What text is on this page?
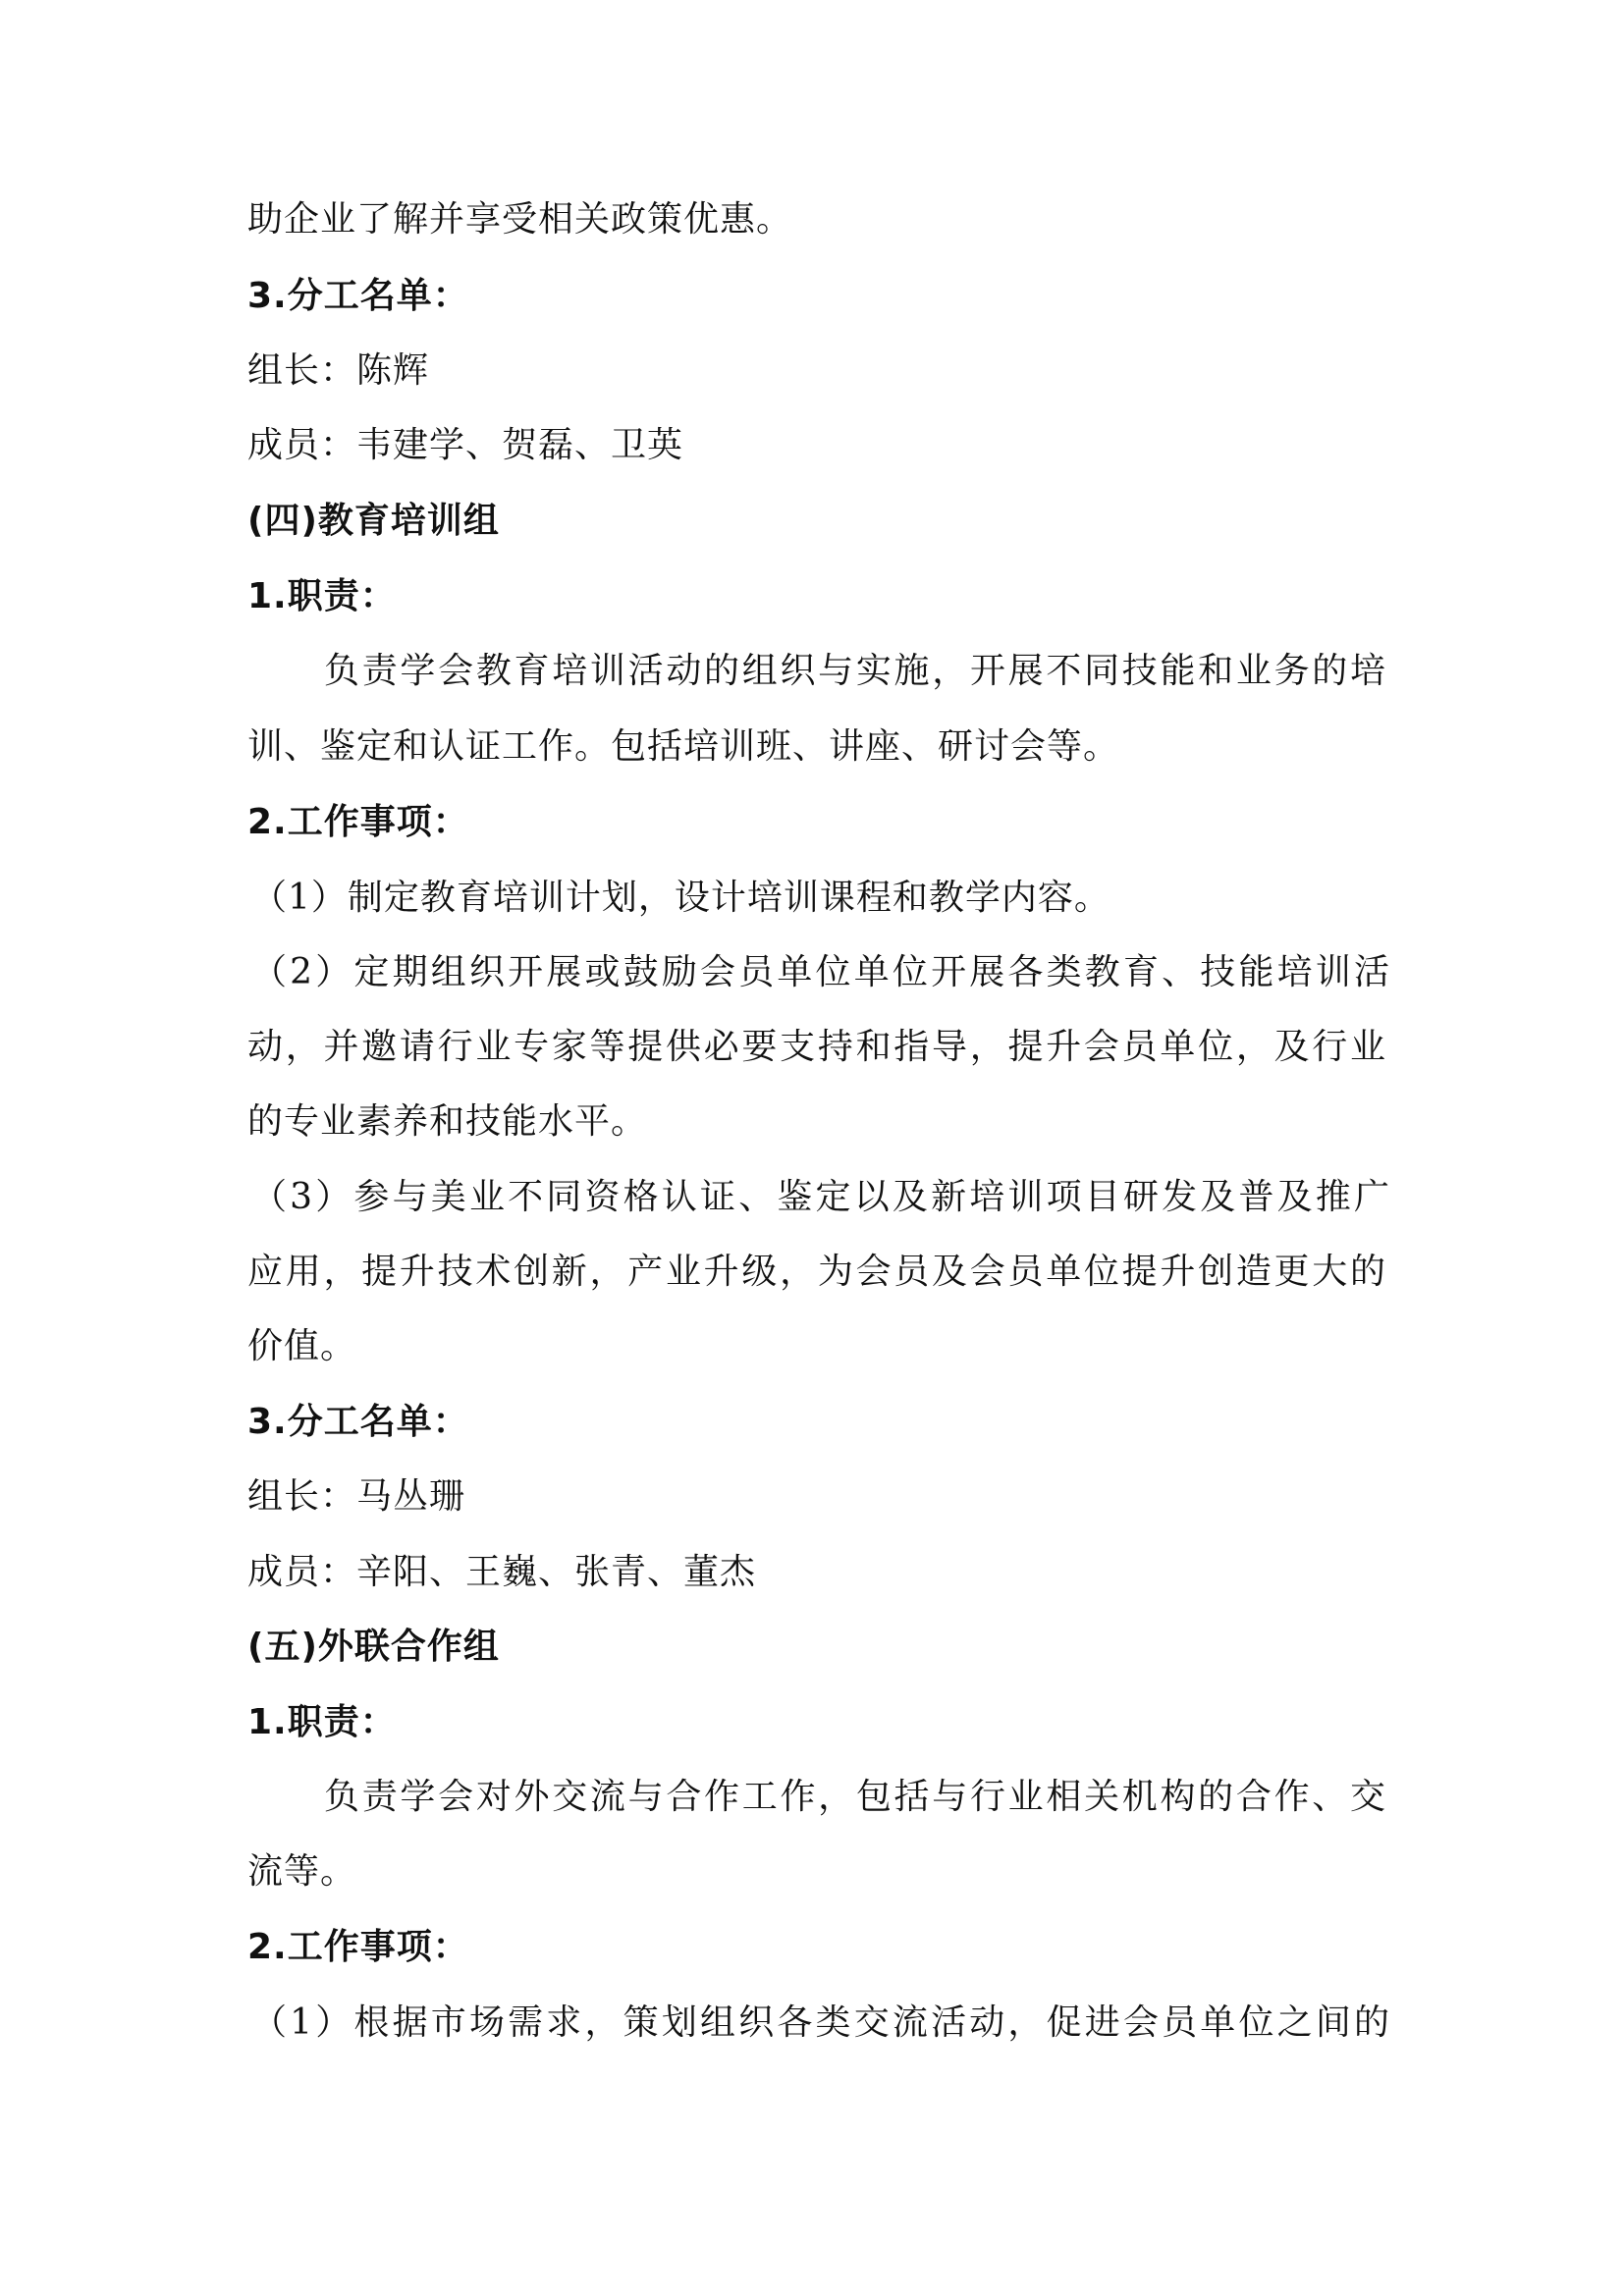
助企业了解并享受相关政策优惠。
3.分工名单：
组长：陈辉
成员：韦建学、贺磊、卫英
(四)教育培训组
1.职责：
负责学会教育培训活动的组织与实施，开展不同技能和业务的培
训、鉴定和认证工作。包括培训班、讲座、研讨会等。
2.工作事项：
（1）制定教育培训计划，设计培训课程和教学内容。
（2）定期组织开展或鼓励会员单位单位开展各类教育、技能培训活
动，并邀请行业专家等提供必要支持和指导，提升会员单位，及行业
的专业素养和技能水平。
（3）参与美业不同资格认证、鉴定以及新培训项目研发及普及推广
应用，提升技术创新，产业升级，为会员及会员单位提升创造更大的
价值。
3.分工名单：
组长：马丛珊
成员：辛阳、王巍、张青、董杰
(五)外联合作组
1.职责：
负责学会对外交流与合作工作，包括与行业相关机构的合作、交
流等。
2.工作事项：
（1）根据市场需求，策划组织各类交流活动，促进会员单位之间的
